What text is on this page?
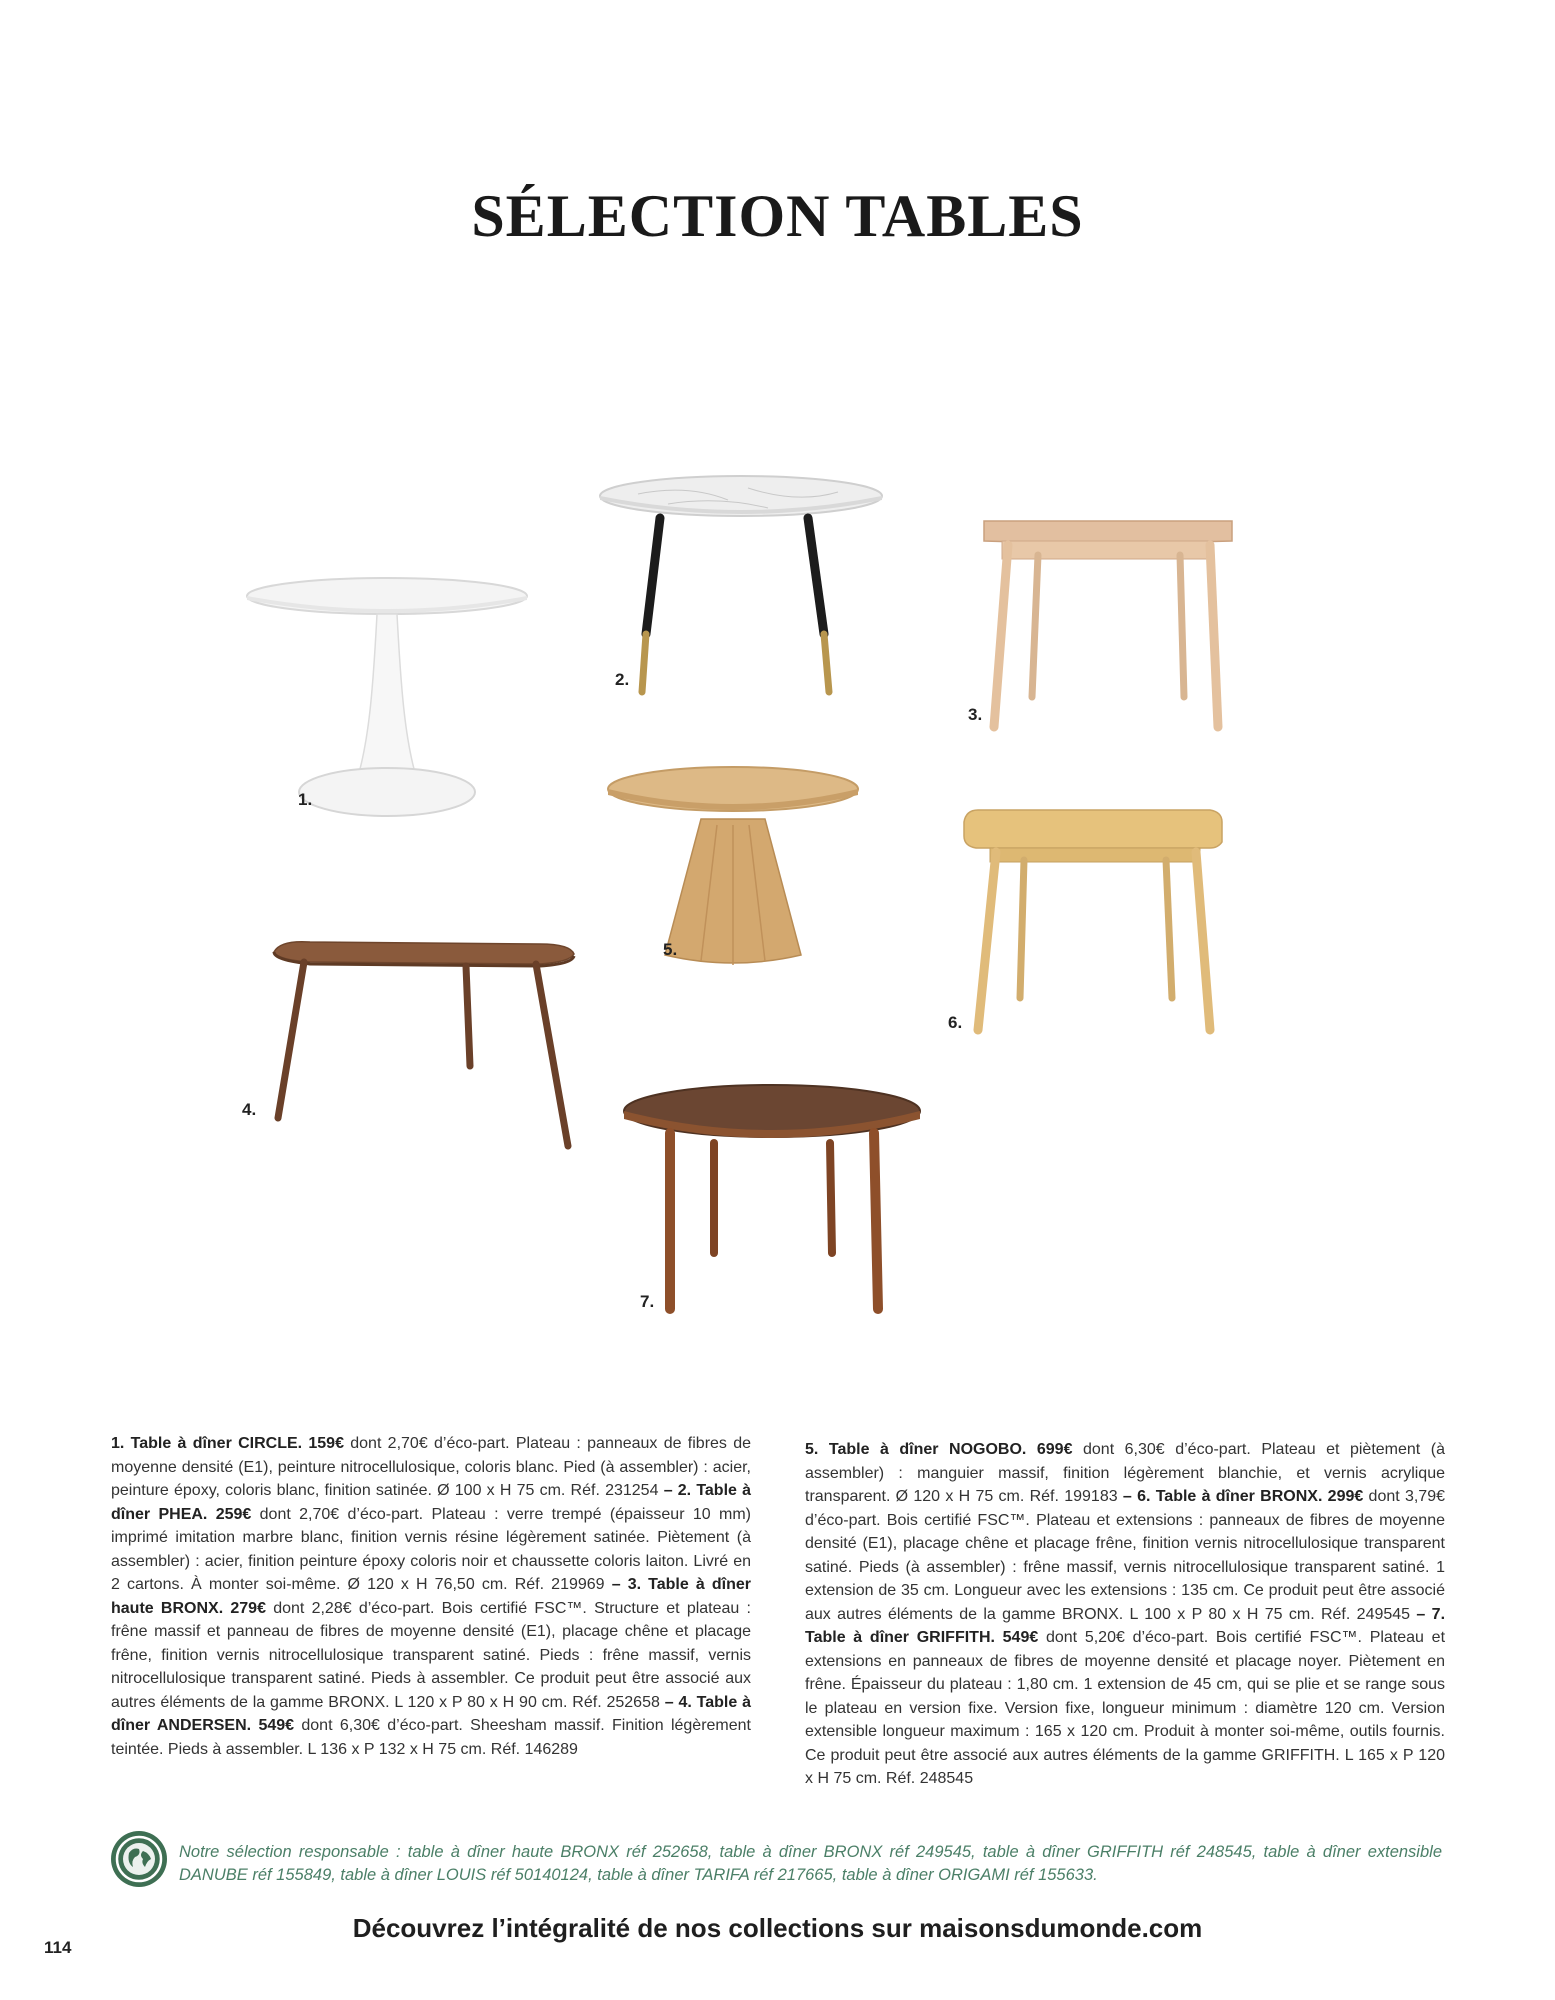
SÉLECTION TABLES
1.
2.
3.
5.
6.
4.
7.
1. Table à dîner CIRCLE. 159€ dont 2,70€ d’éco-part. Plateau : panneaux de fibres de moyenne densité (E1), peinture nitrocellulosique, coloris blanc. Pied (à assembler) : acier, peinture époxy, coloris blanc, finition satinée. Ø 100 x H 75 cm. Réf. 231254 – 2. Table à dîner PHEA. 259€ dont 2,70€ d’éco-part. Plateau : verre trempé (épaisseur 10 mm) imprimé imitation marbre blanc, finition vernis résine légèrement satinée. Piètement (à assembler) : acier, finition peinture époxy coloris noir et chaussette coloris laiton. Livré en 2 cartons. À monter soi-même. Ø 120 x H 76,50 cm. Réf. 219969 – 3. Table à dîner haute BRONX. 279€ dont 2,28€ d’éco-part. Bois certifié FSC™. Structure et plateau : frêne massif et panneau de fibres de moyenne densité (E1), placage chêne et placage frêne, finition vernis nitrocellulosique transparent satiné. Pieds : frêne massif, vernis nitrocellulosique transparent satiné. Pieds à assembler. Ce produit peut être associé aux autres éléments de la gamme BRONX. L 120 x P 80 x H 90 cm. Réf. 252658 – 4. Table à dîner ANDERSEN. 549€ dont 6,30€ d’éco-part. Sheesham massif. Finition légèrement teintée. Pieds à assembler. L 136 x P 132 x H 75 cm. Réf. 146289
5. Table à dîner NOGOBO. 699€ dont 6,30€ d’éco-part. Plateau et piètement (à assembler) : manguier massif, finition légèrement blanchie, et vernis acrylique transparent. Ø 120 x H 75 cm. Réf. 199183 – 6. Table à dîner BRONX. 299€ dont 3,79€ d’éco-part. Bois certifié FSC™. Plateau et extensions : panneaux de fibres de moyenne densité (E1), placage chêne et placage frêne, finition vernis nitrocellulosique transparent satiné. Pieds (à assembler) : frêne massif, vernis nitrocellulosique transparent satiné. 1 extension de 35 cm. Longueur avec les extensions : 135 cm. Ce produit peut être associé aux autres éléments de la gamme BRONX. L 100 x P 80 x H 75 cm. Réf. 249545 – 7. Table à dîner GRIFFITH. 549€ dont 5,20€ d’éco-part. Bois certifié FSC™. Plateau et extensions en panneaux de fibres de moyenne densité et placage noyer. Piètement en frêne. Épaisseur du plateau : 1,80 cm. 1 extension de 45 cm, qui se plie et se range sous le plateau en version fixe. Version fixe, longueur minimum : diamètre 120 cm. Version extensible longueur maximum : 165 x 120 cm. Produit à monter soi-même, outils fournis. Ce produit peut être associé aux autres éléments de la gamme GRIFFITH. L 165 x P 120 x H 75 cm. Réf. 248545
Notre sélection responsable : table à dîner haute BRONX réf 252658, table à dîner BRONX réf 249545, table à dîner GRIFFITH réf 248545, table à dîner extensible DANUBE réf 155849, table à dîner LOUIS réf 50140124, table à dîner TARIFA réf 217665, table à dîner ORIGAMI réf 155633.
Découvrez l’intégralité de nos collections sur maisonsdumonde.com
114
